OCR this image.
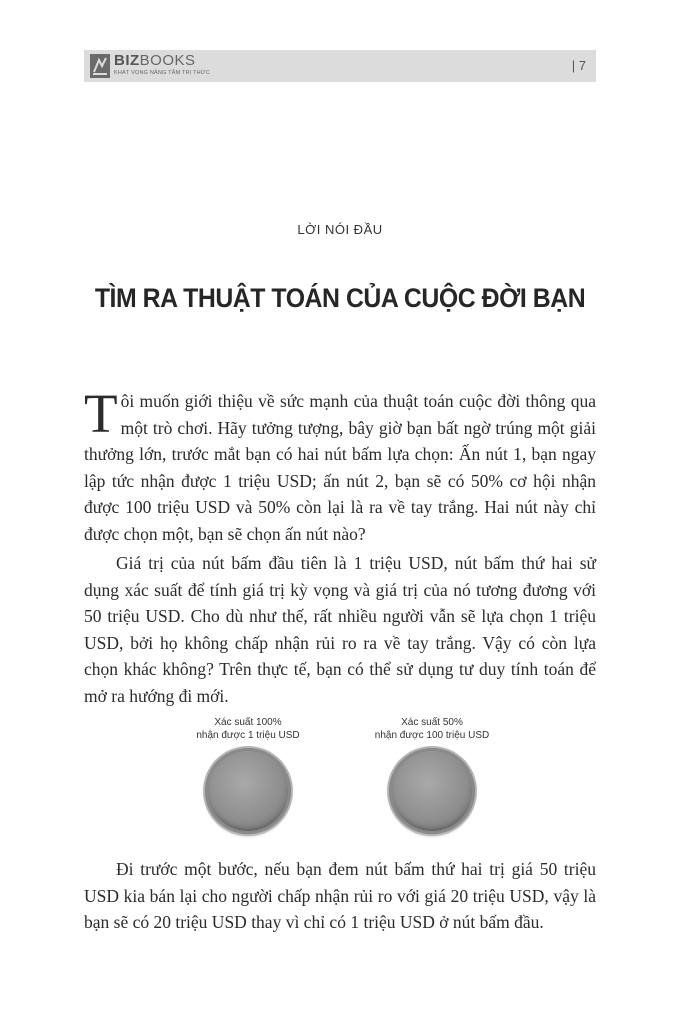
BIZBOOKS
KHÁT VỌNG NÂNG TẦM TRI THỨC	| 7
LỜI NÓI ĐẦU
TÌM RA THUẬT TOÁN CỦA CUỘC ĐỜI BẠN

Tôi muốn giới thiệu về sức mạnh của thuật toán cuộc đời thông qua một trò chơi. Hãy tưởng tượng, bây giờ bạn bất ngờ trúng một giải thưởng lớn, trước mắt bạn có hai nút bấm lựa chọn: Ấn nút 1, bạn ngay lập tức nhận được 1 triệu USD; ấn nút 2, bạn sẽ có 50% cơ hội nhận được 100 triệu USD và 50% còn lại là ra về tay trắng. Hai nút này chỉ được chọn một, bạn sẽ chọn ấn nút nào?

Giá trị của nút bấm đầu tiên là 1 triệu USD, nút bấm thứ hai sử dụng xác suất để tính giá trị kỳ vọng và giá trị của nó tương đương với 50 triệu USD. Cho dù như thế, rất nhiều người vẫn sẽ lựa chọn 1 triệu USD, bởi họ không chấp nhận rủi ro ra về tay trắng. Vậy có còn lựa chọn khác không? Trên thực tế, bạn có thể sử dụng tư duy tính toán để mở ra hướng đi mới.

Xác suất 100%
nhận được 1 triệu USD
Xác suất 50%
nhận được 100 triệu USD

Đi trước một bước, nếu bạn đem nút bấm thứ hai trị giá 50 triệu USD kia bán lại cho người chấp nhận rủi ro với giá 20 triệu USD, vậy là bạn sẽ có 20 triệu USD thay vì chỉ có 1 triệu USD ở nút bấm đầu.
